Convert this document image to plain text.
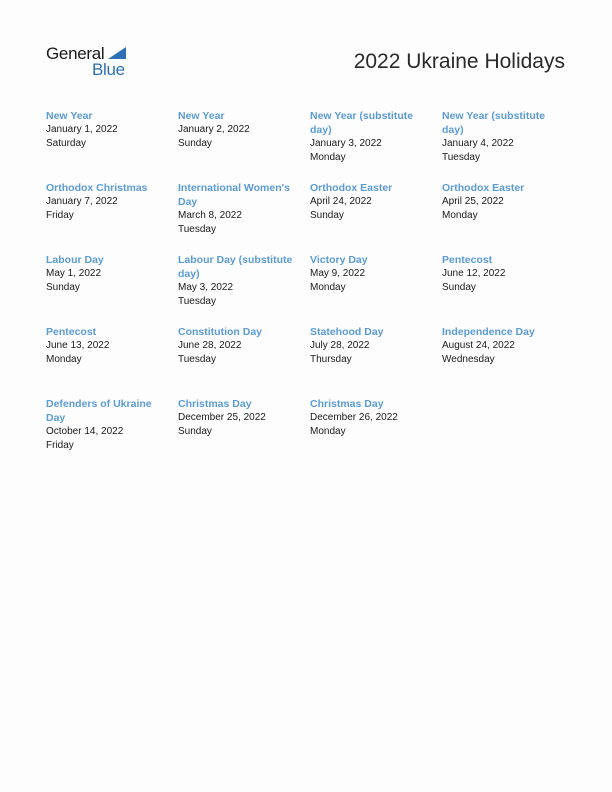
General
Blue	2022 Ukraine Holidays
New Year
January 1, 2022
Saturday
New Year
January 2, 2022
Sunday
New Year (substitute day)
January 3, 2022
Monday
New Year (substitute day)
January 4, 2022
Tuesday
Orthodox Christmas
January 7, 2022
Friday
International Women's Day
March 8, 2022
Tuesday
Orthodox Easter
April 24, 2022
Sunday
Orthodox Easter
April 25, 2022
Monday
Labour Day
May 1, 2022
Sunday
Labour Day (substitute day)
May 3, 2022
Tuesday
Victory Day
May 9, 2022
Monday
Pentecost
June 12, 2022
Sunday
Pentecost
June 13, 2022
Monday
Constitution Day
June 28, 2022
Tuesday
Statehood Day
July 28, 2022
Thursday
Independence Day
August 24, 2022
Wednesday
Defenders of Ukraine Day
October 14, 2022
Friday
Christmas Day
December 25, 2022
Sunday
Christmas Day
December 26, 2022
Monday
